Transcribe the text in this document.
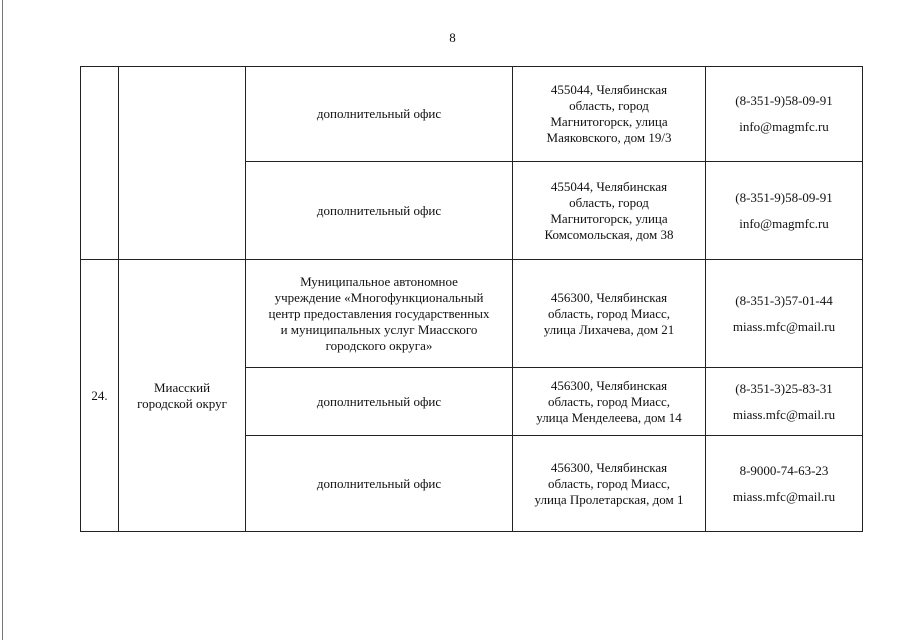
8
		дополнительный офис	455044, Челябинская
область, город
Магнитогорск, улица
Маяковского, дом 19/3	(8-351-9)58-09-91
info@magmfc.ru

		дополнительный офис	455044, Челябинская
область, город
Магнитогорск, улица
Комсомольская, дом 38	(8-351-9)58-09-91
info@magmfc.ru

24.	Миасский
городской округ	Муниципальное автономное
учреждение «Многофункциональный
центр предоставления государственных
и муниципальных услуг Миасского
городского округа»	456300, Челябинская
область, город Миасс,
улица Лихачева, дом 21	(8-351-3)57-01-44
miass.mfc@mail.ru

		дополнительный офис	456300, Челябинская
область, город Миасс,
улица Менделеева, дом 14	(8-351-3)25-83-31
miass.mfc@mail.ru

		дополнительный офис	456300, Челябинская
область, город Миасс,
улица Пролетарская, дом 1	8-9000-74-63-23
miass.mfc@mail.ru
